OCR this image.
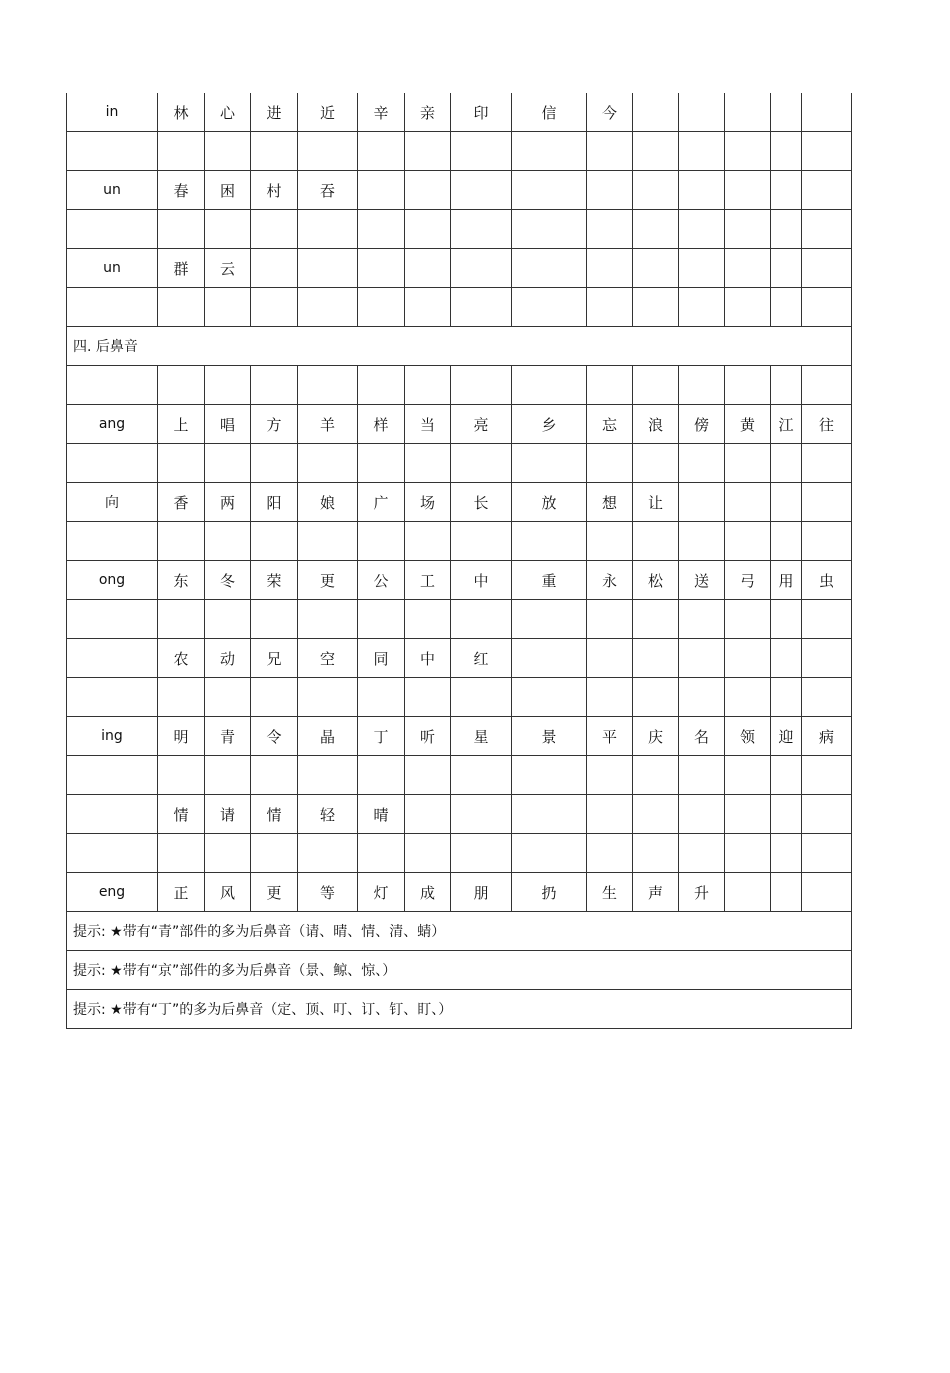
in	林	心	进	近	辛	亲	印	信	今					

un	春	困	村	吞										

un	群	云												

四. 后鼻音														

ang	上	唱	方	羊	样	当	亮	乡	忘	浪	傍	黄	江	往

向	香	两	阳	娘	广	场	长	放	想	让				

ong	东	冬	荣	更	公	工	中	重	永	松	送	弓	用	虫

	农	动	兄	空	同	中	红							

ing	明	青	令	晶	丁	听	星	景	平	庆	名	领	迎	病

	情	请	情	轻	晴									

eng	正	风	更	等	灯	成	朋	扔	生	声	升			
提示: ★带有“青”部件的多为后鼻音（请、晴、情、清、蜻）														
提示: ★带有“京”部件的多为后鼻音（景、鲸、惊、）														
提示: ★带有“丁”的多为后鼻音（定、顶、叮、订、钉、盯、）														
